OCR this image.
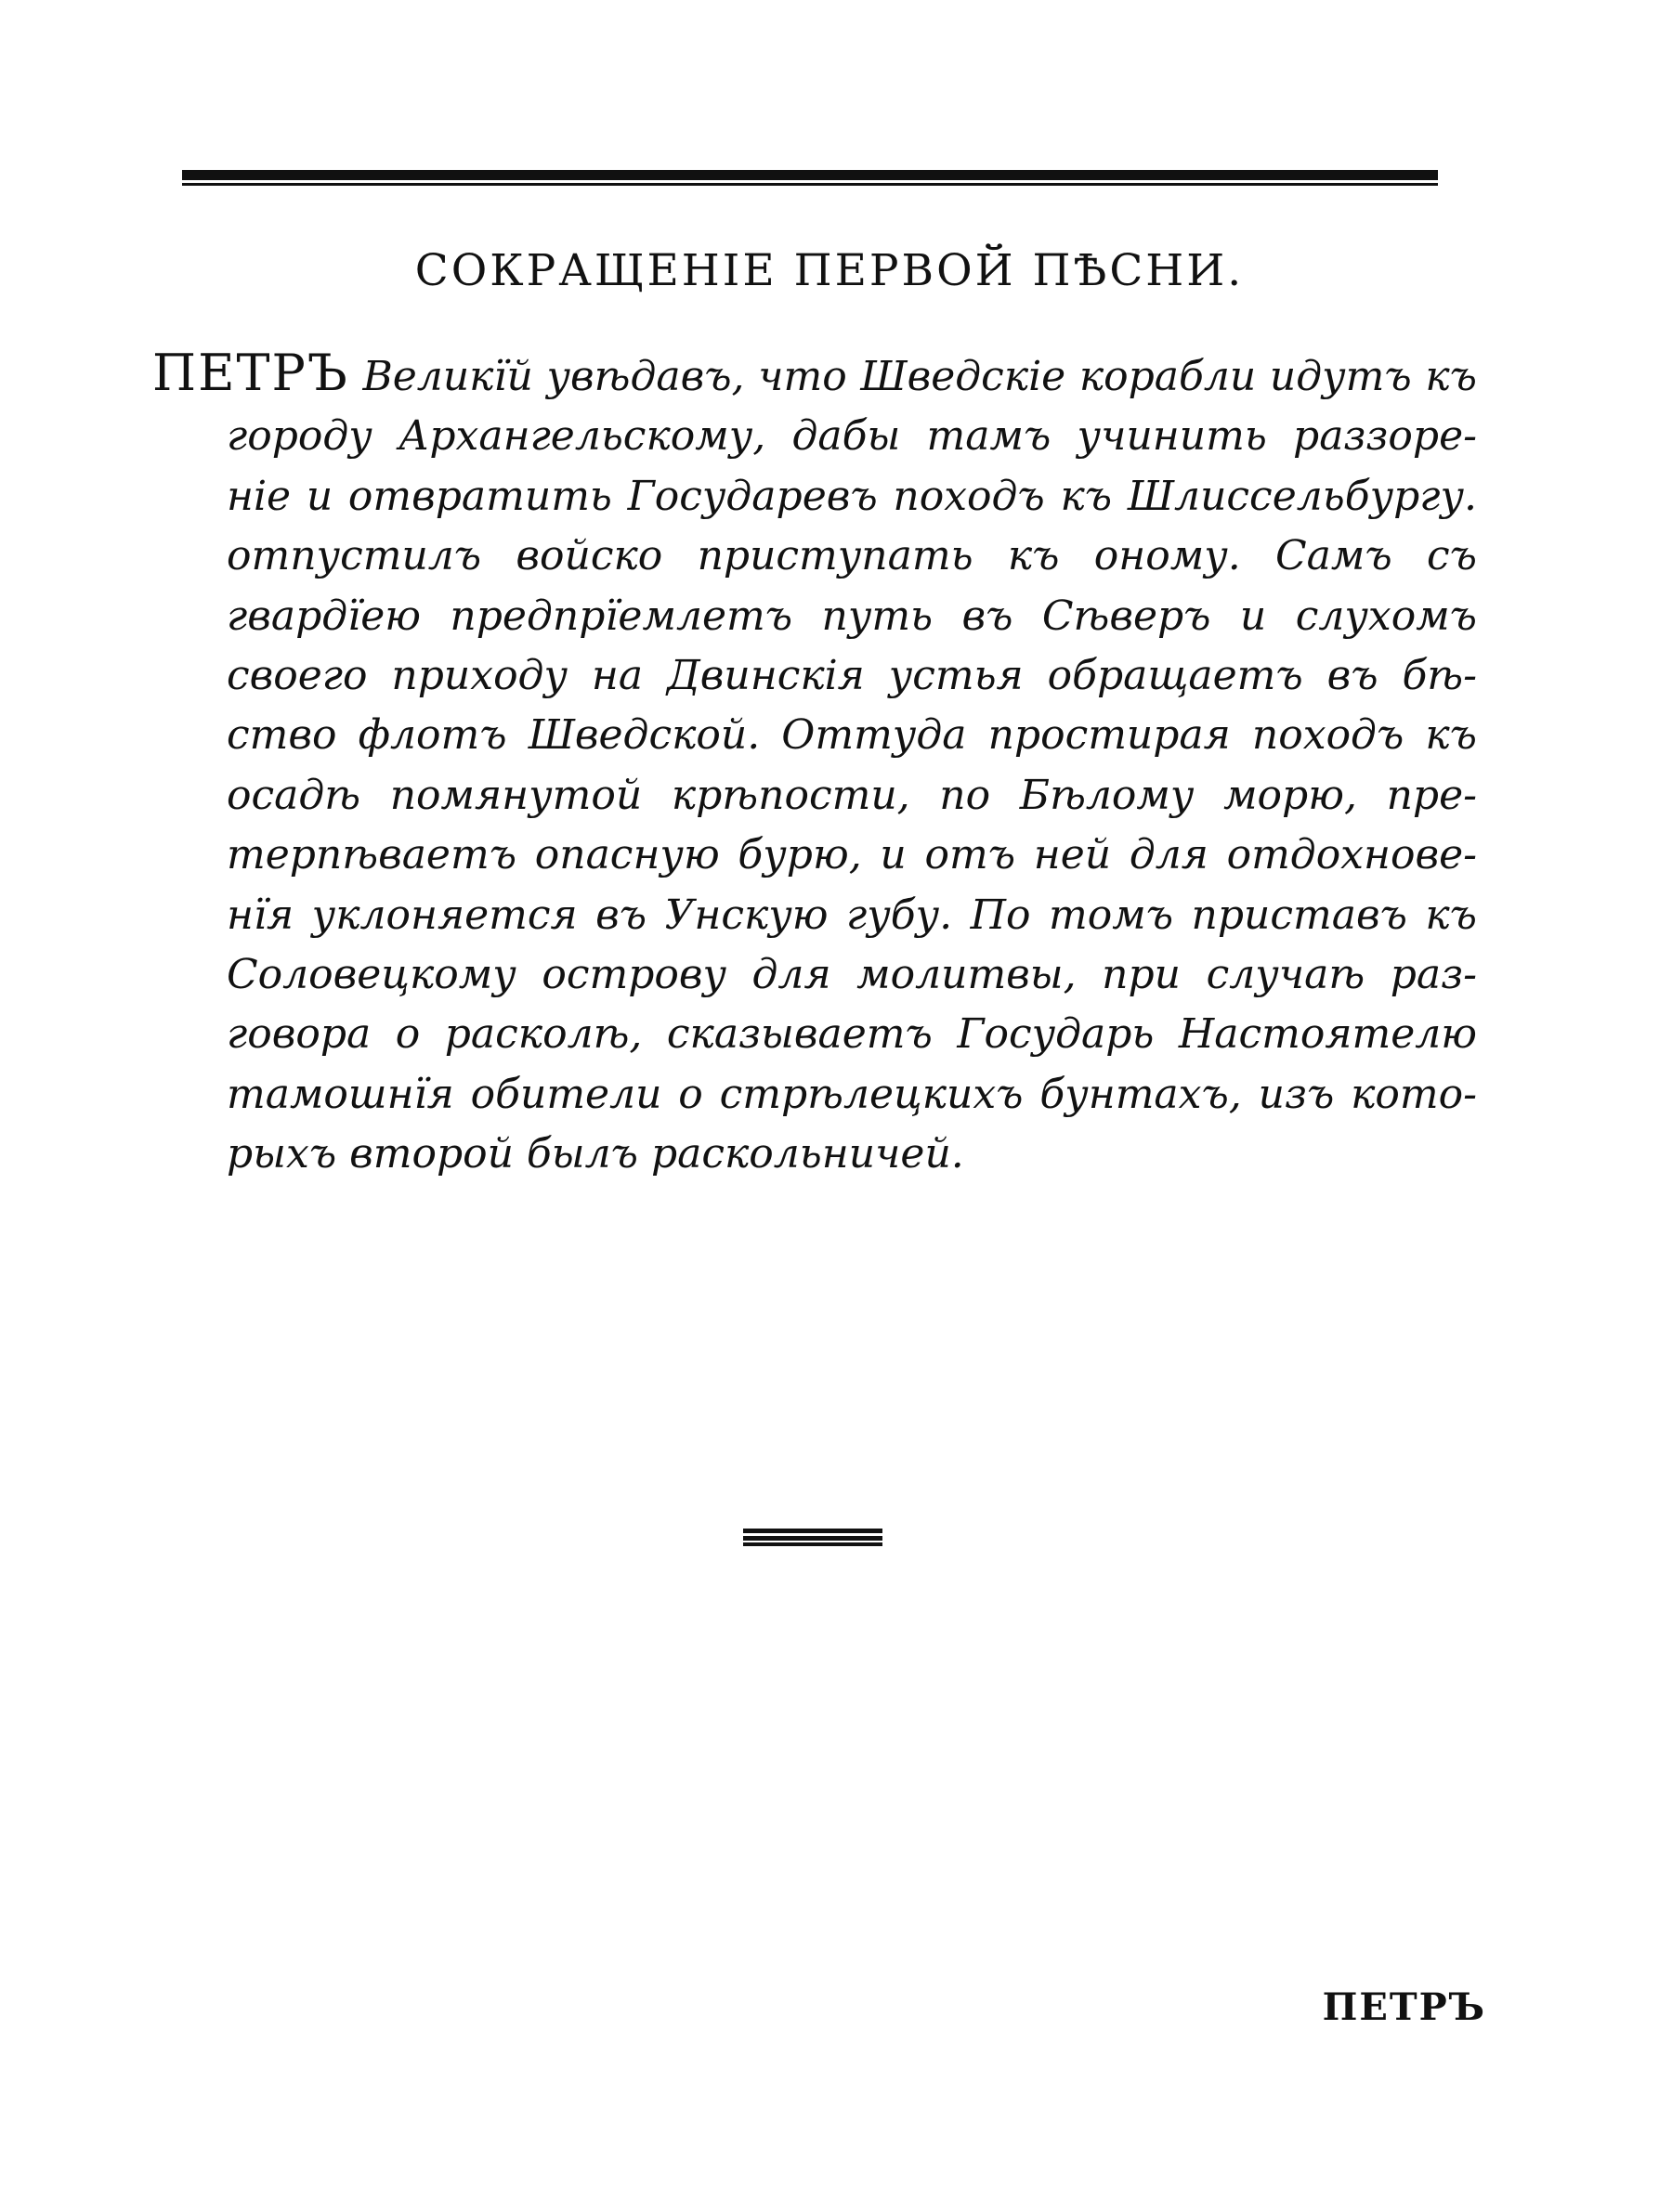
СОКРАЩЕНІЕ ПЕРВОЙ ПѢСНИ.
ПЕТРЪ Великїй увѣдавъ, что Шведскіе корабли идутъ къ
городу Архангельскому, дабы тамъ учинить раззоре-
ніе и отвратить Государевъ походъ къ Шлиссельбургу.
отпустилъ войско приступать къ оному. Самъ съ
гвардїею предпрїемлетъ путь въ Сѣверъ и слухомъ
своего приходу на Двинскія устья обращаетъ въ бѣ-
ство флотъ Шведской. Оттуда простирая походъ къ
осадѣ помянутой крѣпости, по Бѣлому морю, пре-
терпѣваетъ опасную бурю, и отъ ней для отдохнове-
нїя уклоняется въ Унскую губу. По томъ приставъ къ
Соловецкому острову для молитвы, при случаѣ раз-
говора о расколѣ, сказываетъ Государь Настоятелю
тамошнїя обители о стрѣлецкихъ бунтахъ, изъ кото-
рыхъ второй былъ раскольничей.
ПЕТРЪ
